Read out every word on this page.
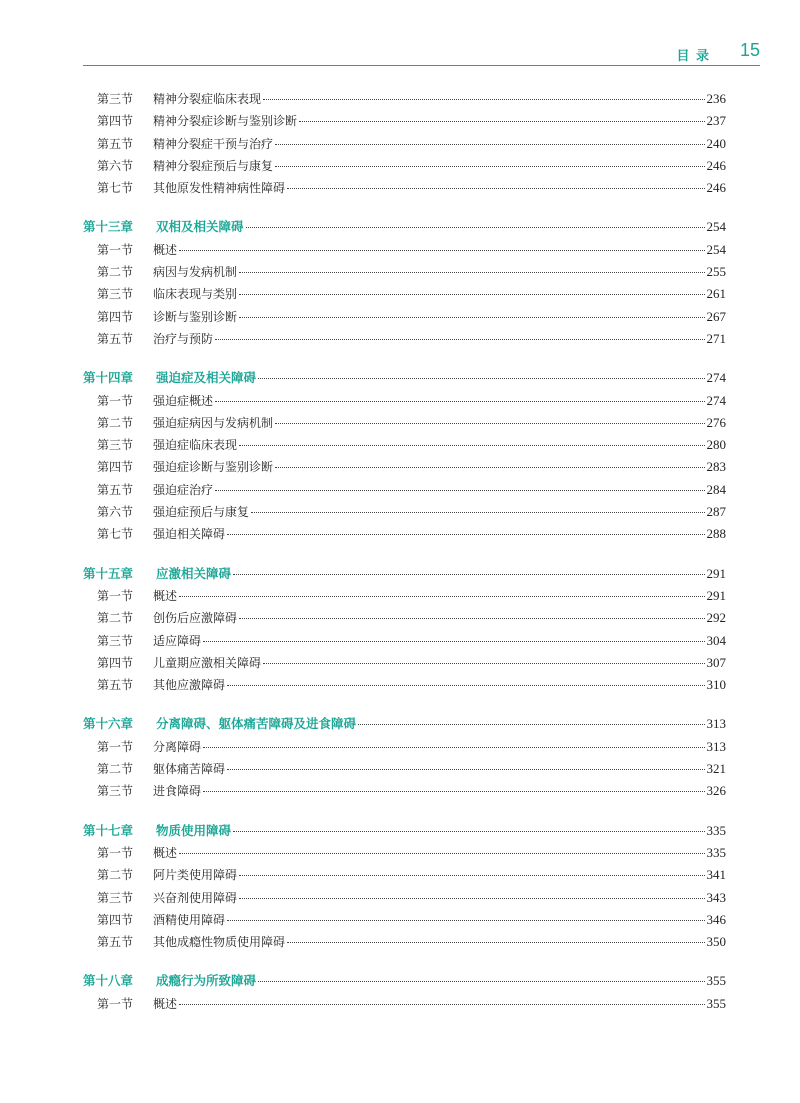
目 录 15
第三节	精神分裂症临床表现	236
第四节	精神分裂症诊断与鉴别诊断	237
第五节	精神分裂症干预与治疗	240
第六节	精神分裂症预后与康复	246
第七节	其他原发性精神病性障碍	246
第十三章	双相及相关障碍	254
第一节	概述	254
第二节	病因与发病机制	255
第三节	临床表现与类别	261
第四节	诊断与鉴别诊断	267
第五节	治疗与预防	271
第十四章	强迫症及相关障碍	274
第一节	强迫症概述	274
第二节	强迫症病因与发病机制	276
第三节	强迫症临床表现	280
第四节	强迫症诊断与鉴别诊断	283
第五节	强迫症治疗	284
第六节	强迫症预后与康复	287
第七节	强迫相关障碍	288
第十五章	应激相关障碍	291
第一节	概述	291
第二节	创伤后应激障碍	292
第三节	适应障碍	304
第四节	儿童期应激相关障碍	307
第五节	其他应激障碍	310
第十六章	分离障碍、躯体痛苦障碍及进食障碍	313
第一节	分离障碍	313
第二节	躯体痛苦障碍	321
第三节	进食障碍	326
第十七章	物质使用障碍	335
第一节	概述	335
第二节	阿片类使用障碍	341
第三节	兴奋剂使用障碍	343
第四节	酒精使用障碍	346
第五节	其他成瘾性物质使用障碍	350
第十八章	成瘾行为所致障碍	355
第一节	概述	355
